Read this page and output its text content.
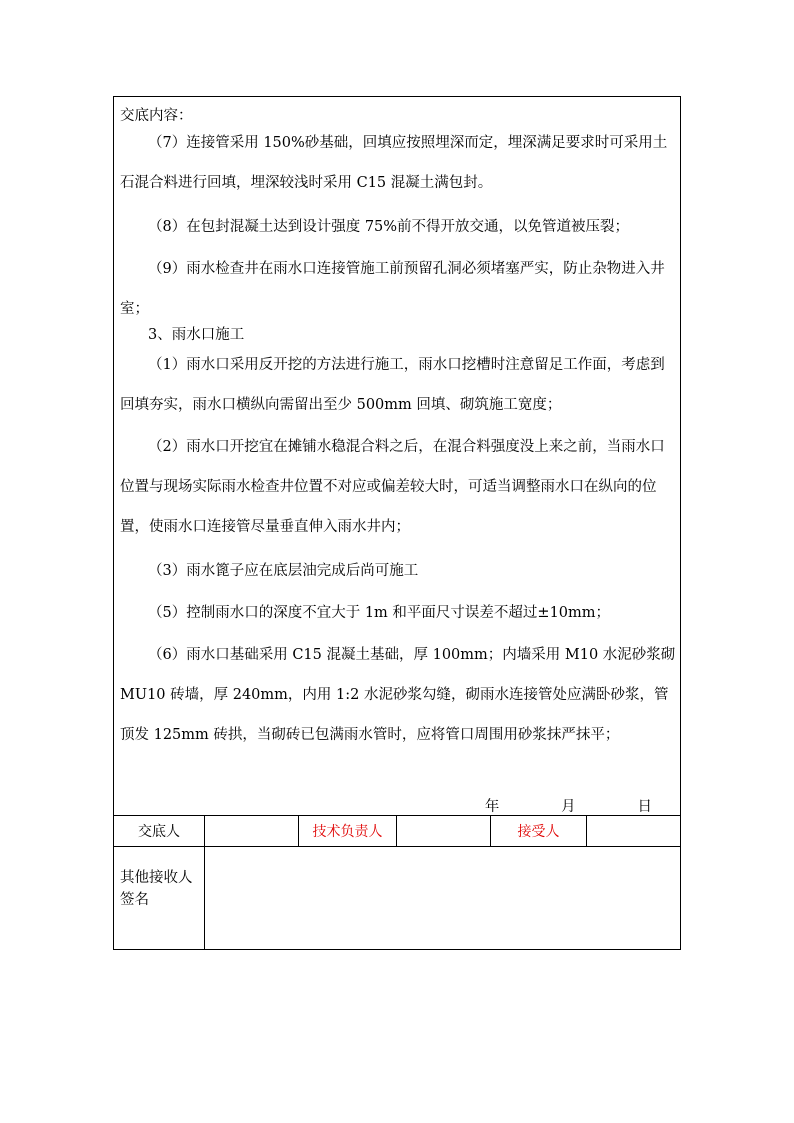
交底内容：
（7）连接管采用 150%砂基础，回填应按照埋深而定，埋深满足要求时可采用土石混合料进行回填，埋深较浅时采用 C15 混凝土满包封。
（8）在包封混凝土达到设计强度 75%前不得开放交通，以免管道被压裂；
（9）雨水检查井在雨水口连接管施工前预留孔洞必须堵塞严实，防止杂物进入井室；
3、雨水口施工
（1）雨水口采用反开挖的方法进行施工，雨水口挖槽时注意留足工作面，考虑到回填夯实，雨水口横纵向需留出至少 500mm 回填、砌筑施工宽度；
（2）雨水口开挖宜在摊铺水稳混合料之后，在混合料强度没上来之前，当雨水口位置与现场实际雨水检查井位置不对应或偏差较大时，可适当调整雨水口在纵向的位置，使雨水口连接管尽量垂直伸入雨水井内；
（3）雨水篦子应在底层油完成后尚可施工
（5）控制雨水口的深度不宜大于 1m 和平面尺寸误差不超过±10mm；
（6）雨水口基础采用 C15 混凝土基础，厚 100mm；内墙采用 M10 水泥砂浆砌 MU10 砖墙，厚 240mm，内用 1:2 水泥砂浆勾缝，砌雨水连接管处应满卧砂浆，管顶发 125mm 砖拱，当砌砖已包满雨水管时，应将管口周围用砂浆抹严抹平；
年   月   日
交底人	技术负责人	接受人
其他接收人签名
